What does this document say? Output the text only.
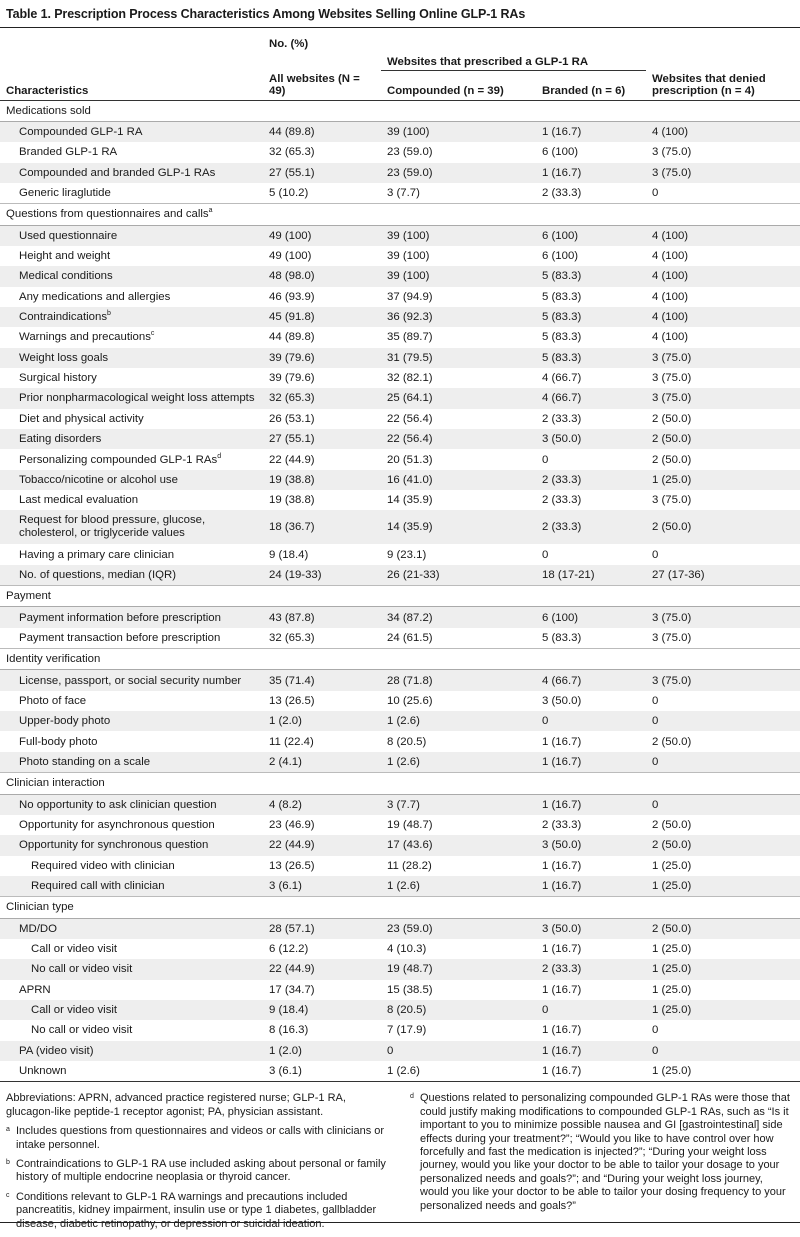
Table 1. Prescription Process Characteristics Among Websites Selling Online GLP-1 RAs

	No. (%)			
		Websites that prescribed a GLP-1 RA		
Characteristics	All websites (N = 49)	Compounded (n = 39)	Branded (n = 6)	Websites that denied prescription (n = 4)
Medications sold				
Compounded GLP-1 RA	44 (89.8)	39 (100)	1 (16.7)	4 (100)
Branded GLP-1 RA	32 (65.3)	23 (59.0)	6 (100)	3 (75.0)
Compounded and branded GLP-1 RAs	27 (55.1)	23 (59.0)	1 (16.7)	3 (75.0)
Generic liraglutide	5 (10.2)	3 (7.7)	2 (33.3)	0
Questions from questionnaires and calls$^a$
Used questionnaire	49 (100)	39 (100)	6 (100)	4 (100)
Height and weight	49 (100)	39 (100)	6 (100)	4 (100)
Medical conditions	48 (98.0)	39 (100)	5 (83.3)	4 (100)
Any medications and allergies	46 (93.9)	37 (94.9)	5 (83.3)	4 (100)
Contraindications$^b$	45 (91.8)	36 (92.3)	5 (83.3)	4 (100)
Warnings and precautions$^c$	44 (89.8)	35 (89.7)	5 (83.3)	4 (100)
Weight loss goals	39 (79.6)	31 (79.5)	5 (83.3)	3 (75.0)
Surgical history	39 (79.6)	32 (82.1)	4 (66.7)	3 (75.0)
Prior nonpharmacological weight loss attempts	32 (65.3)	25 (64.1)	4 (66.7)	3 (75.0)
Diet and physical activity	26 (53.1)	22 (56.4)	2 (33.3)	2 (50.0)
Eating disorders	27 (55.1)	22 (56.4)	3 (50.0)	2 (50.0)
Personalizing compounded GLP-1 RAs$^d$	22 (44.9)	20 (51.3)	0	2 (50.0)
Tobacco/nicotine or alcohol use	19 (38.8)	16 (41.0)	2 (33.3)	1 (25.0)
Last medical evaluation	19 (38.8)	14 (35.9)	2 (33.3)	3 (75.0)
Request for blood pressure, glucose, cholesterol, or triglyceride values	18 (36.7)	14 (35.9)	2 (33.3)	2 (50.0)
Having a primary care clinician	9 (18.4)	9 (23.1)	0	0
No. of questions, median (IQR)	24 (19-33)	26 (21-33)	18 (17-21)	27 (17-36)
Payment				
Payment information before prescription	43 (87.8)	34 (87.2)	6 (100)	3 (75.0)
Payment transaction before prescription	32 (65.3)	24 (61.5)	5 (83.3)	3 (75.0)
Identity verification				
License, passport, or social security number	35 (71.4)	28 (71.8)	4 (66.7)	3 (75.0)
Photo of face	13 (26.5)	10 (25.6)	3 (50.0)	0
Upper-body photo	1 (2.0)	1 (2.6)	0	0
Full-body photo	11 (22.4)	8 (20.5)	1 (16.7)	2 (50.0)
Photo standing on a scale	2 (4.1)	1 (2.6)	1 (16.7)	0
Clinician interaction				
No opportunity to ask clinician question	4 (8.2)	3 (7.7)	1 (16.7)	0
Opportunity for asynchronous question	23 (46.9)	19 (48.7)	2 (33.3)	2 (50.0)
Opportunity for synchronous question	22 (44.9)	17 (43.6)	3 (50.0)	2 (50.0)
Required video with clinician	13 (26.5)	11 (28.2)	1 (16.7)	1 (25.0)
Required call with clinician	3 (6.1)	1 (2.6)	1 (16.7)	1 (25.0)
Clinician type				
MD/DO	28 (57.1)	23 (59.0)	3 (50.0)	2 (50.0)
Call or video visit	6 (12.2)	4 (10.3)	1 (16.7)	1 (25.0)
No call or video visit	22 (44.9)	19 (48.7)	2 (33.3)	1 (25.0)
APRN	17 (34.7)	15 (38.5)	1 (16.7)	1 (25.0)
Call or video visit	9 (18.4)	8 (20.5)	0	1 (25.0)
No call or video visit	8 (16.3)	7 (17.9)	1 (16.7)	0
PA (video visit)	1 (2.0)	0	1 (16.7)	0
Unknown	3 (6.1)	1 (2.6)	1 (16.7)	1 (25.0)

Abbreviations: APRN, advanced practice registered nurse; GLP-1 RA, glucagon-like peptide-1 receptor agonist; PA, physician assistant.

a Includes questions from questionnaires and videos or calls with clinicians or intake personnel.

b Contraindications to GLP-1 RA use included asking about personal or family history of multiple endocrine neoplasia or thyroid cancer.

c Conditions relevant to GLP-1 RA warnings and precautions included pancreatitis, kidney impairment, insulin use or type 1 diabetes, gallbladder disease, diabetic retinopathy, or depression or suicidal ideation.

d Questions related to personalizing compounded GLP-1 RAs were those that could justify making modifications to compounded GLP-1 RAs, such as “Is it important to you to minimize possible nausea and GI [gastrointestinal] side effects during your treatment?”; “Would you like to have control over how forcefully and fast the medication is injected?”; “During your weight loss journey, would you like your doctor to be able to tailor your dosage to your personalized needs and goals?”; and “During your weight loss journey, would you like your doctor to be able to tailor your dosing frequency to your personalized needs and goals?”
